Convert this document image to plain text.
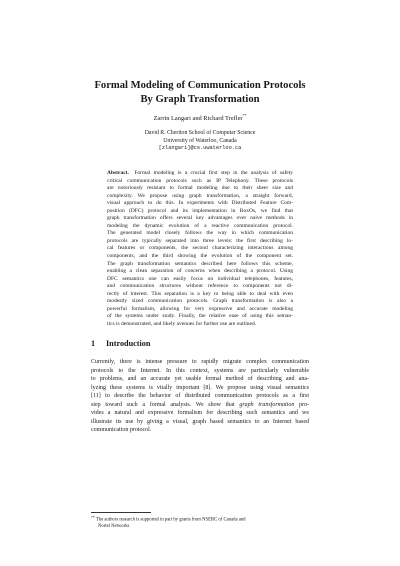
Formal Modeling of Communication Protocols
By Graph Transformation
Zarrin Langari and Richard Trefler**
David R. Cheriton School of Computer Science
University of Waterloo, Canada
[zlangari]@cs.uwaterloo.ca
Abstract.  Formal modeling is a crucial first step in the analysis of safety
critical communication protocols such as IP Telephony. These protocols
are notoriously resistant to formal modeling due to their sheer size and
complexity. We propose using graph transformation, a straight forward,
visual approach to do this. In experiments with Distributed Feature Com-
position (DFC) protocol and its implementation in BoxOs, we find that
graph transformation offers several key advantages over naive methods in
modeling the dynamic evolution of a reactive communication protocol.
The generated model closely follows the way in which communication
protocols are typically separated into three levels: the first describing lo-
cal features or components, the second characterizing interactions among
components, and the third showing the evolution of the component set.
The graph transformation semantics described here follows this scheme,
enabling a clean separation of concerns when describing a protocol. Using
DFC semantics one can easily focus on individual telephones, features,
and communication structures without reference to components not di-
rectly of interest. This separation is a key to being able to deal with even
modestly sized communication protocols. Graph transformation is also a
powerful formalism, allowing for very expressive and accurate modeling
of the systems under study. Finally, the relative ease of using this seman-
tics is demonstrated, and likely avenues for further use are outlined.
1 Introduction
Currently, there is intense pressure to rapidly migrate complex communication
protocols to the Internet. In this context, systems are particularly vulnerable
to problems, and an accurate yet usable formal method of describing and ana-
lyzing these systems is vitally important [8]. We propose using visual semantics
[11] to describe the behavior of distributed communication protocols as a first
step toward such a formal analysis. We show that graph transformation pro-
vides a natural and expressive formalism for describing such semantics and we
illustrate its use by giving a visual, graph based semantics to an Internet based
communication protocol.
** The authors research is supported in part by grants from NSERC of Canada and
Nortel Networks
